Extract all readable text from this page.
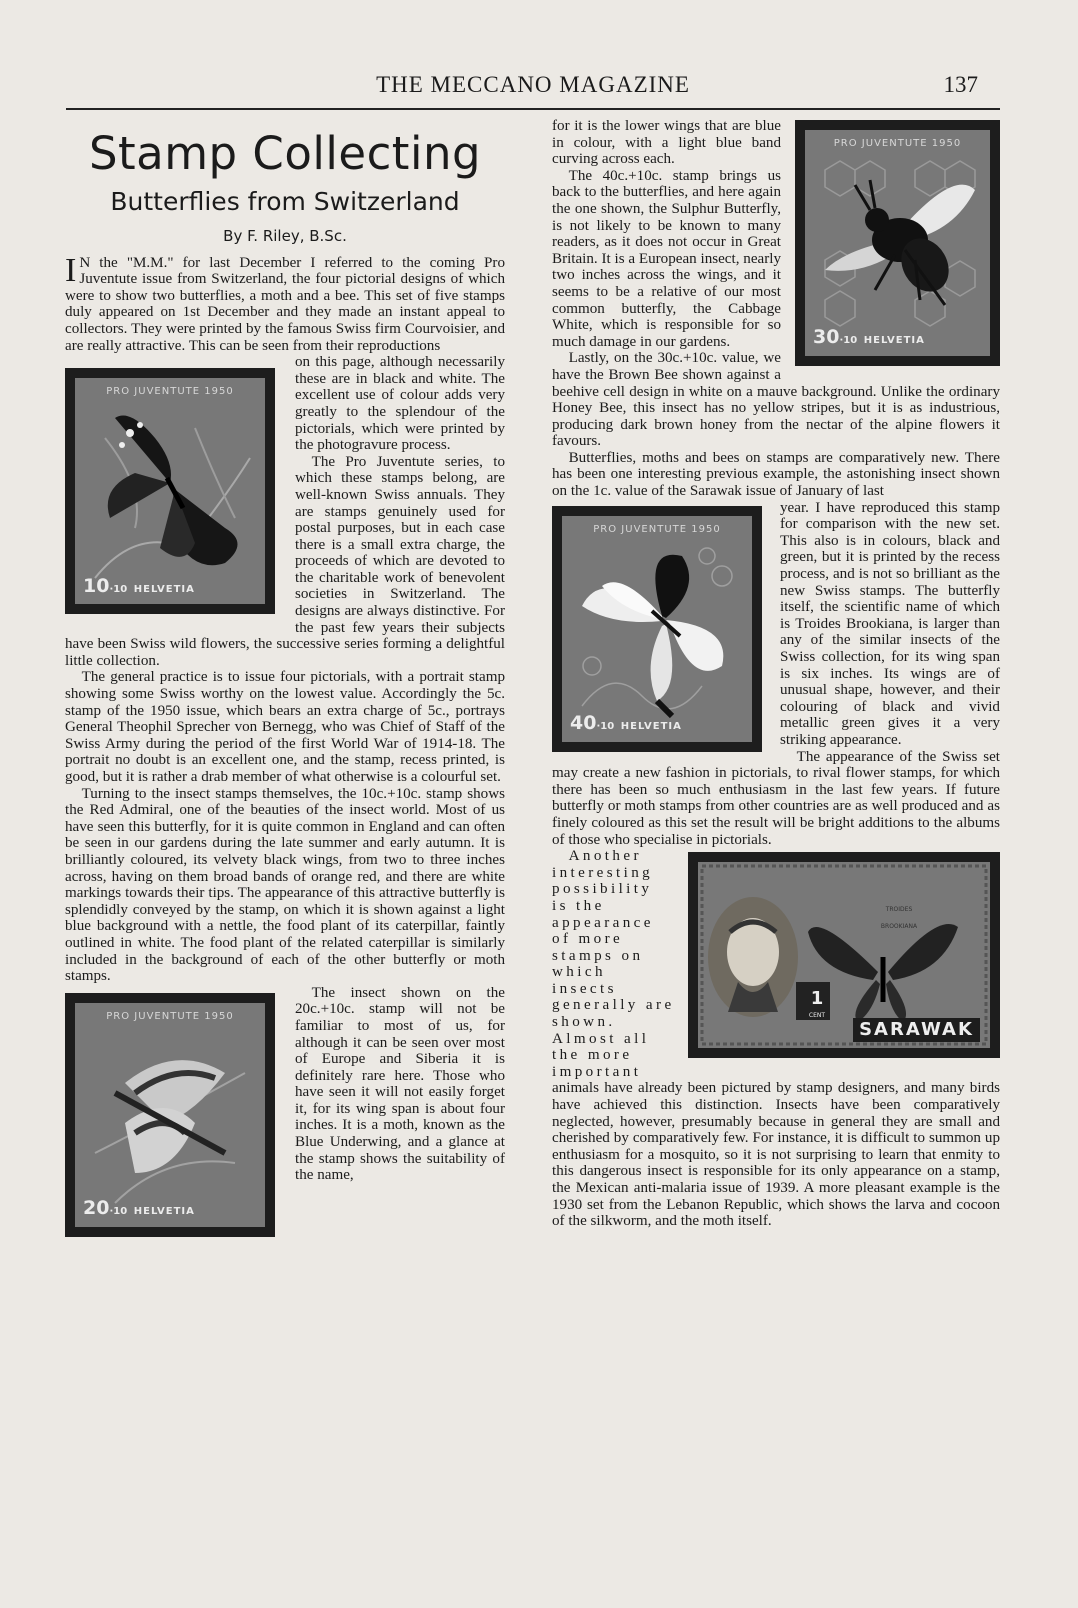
THE MECCANO MAGAZINE	137
Stamp Collecting
Butterflies from Switzerland
By F. Riley, B.Sc.

I N the "M.M." for last December I referred to the coming Pro Juventute issue from Switzerland, the four pictorial designs of which were to show two butterflies, a moth and a bee. This set of five stamps duly appeared on 1st December and they made an instant appeal to collectors. They were printed by the famous Swiss firm Courvoisier, and are really attractive. This can be seen from their reproductions

PRO JUVENTUTE 1950
10·10 HELVETIA

on this page, although necessarily these are in black and white. The excellent use of colour adds very greatly to the splendour of the pictorials, which were printed by the photogravure process.

The Pro Juventute series, to which these stamps belong, are well-known Swiss annuals. They are stamps genuinely used for postal purposes, but in each case there is a small extra charge, the proceeds of which are devoted to the charitable work of benevolent societies in Switzerland. The designs are always distinctive. For the past few years their subjects have been Swiss wild flowers, the successive series forming a delightful little collection.

The general practice is to issue four pictorials, with a portrait stamp showing some Swiss worthy on the lowest value. Accordingly the 5c. stamp of the 1950 issue, which bears an extra charge of 5c., portrays General Theophil Sprecher von Bernegg, who was Chief of Staff of the Swiss Army during the period of the first World War of 1914-18. The portrait no doubt is an excellent one, and the stamp, recess printed, is good, but it is rather a drab member of what otherwise is a colourful set.

Turning to the insect stamps themselves, the 10c.+10c. stamp shows the Red Admiral, one of the beauties of the insect world. Most of us have seen this butterfly, for it is quite common in England and can often be seen in our gardens during the late summer and early autumn. It is brilliantly coloured, its velvety black wings, from two to three inches across, having on them broad bands of orange red, and there are white markings towards their tips. The appearance of this attractive butterfly is splendidly conveyed by the stamp, on which it is shown against a light blue background with a nettle, the food plant of its caterpillar, faintly outlined in white. The food plant of the related caterpillar is similarly included in the background of each of the other butterfly or moth stamps.

PRO JUVENTUTE 1950
20·10 HELVETIA

The insect shown on the 20c.+10c. stamp will not be familiar to most of us, for although it can be seen over most of Europe and Siberia it is definitely rare here. Those who have seen it will not easily forget it, for its wing span is about four inches. It is a moth, known as the Blue Underwing, and a glance at the stamp shows the suitability of the name,

PRO JUVENTUTE 1950
30·10 HELVETIA

for it is the lower wings that are blue in colour, with a light blue band curving across each.

The 40c.+10c. stamp brings us back to the butterflies, and here again the one shown, the Sulphur Butterfly, is not likely to be known to many readers, as it does not occur in Great Britain. It is a European insect, nearly two inches across the wings, and it seems to be a relative of our most common butterfly, the Cabbage White, which is responsible for so much damage in our gardens.

Lastly, on the 30c.+10c. value, we have the Brown Bee shown against a beehive cell design in white on a mauve background. Unlike the ordinary Honey Bee, this insect has no yellow stripes, but it is as industrious, producing dark brown honey from the nectar of the alpine flowers it favours.

Butterflies, moths and bees on stamps are comparatively new. There has been one interesting previous example, the astonishing insect shown on the 1c. value of the Sarawak issue of January of last

PRO JUVENTUTE 1950
40·10 HELVETIA

year. I have reproduced this stamp for comparison with the new set. This also is in colours, black and green, but it is printed by the recess process, and is not so brilliant as the new Swiss stamps. The butterfly itself, the scientific name of which is Troides Brookiana, is larger than any of the similar insects of the Swiss collection, for its wing span is six inches. Its wings are of unusual shape, however, and their colouring of black and vivid metallic green gives it a very striking appearance.

The appearance of the Swiss set may create a new fashion in pictorials, to rival flower stamps, for which there has been so much enthusiasm in the last few years. If future butterfly or moth stamps from other countries are as well produced and as finely coloured as this set the result will be bright additions to the albums of those who specialise in pictorials.

TROIDES BROOKIANA
1
CENT
SARAWAK

Another interesting possibility is the appearance of more stamps on which insects generally are shown. Almost all the more important

animals have already been pictured by stamp designers, and many birds have achieved this distinction. Insects have been comparatively neglected, however, presumably because in general they are small and cherished by comparatively few. For instance, it is difficult to summon up enthusiasm for a mosquito, so it is not surprising to learn that enmity to this dangerous insect is responsible for its only appearance on a stamp, the Mexican anti-malaria issue of 1939. A more pleasant example is the 1930 set from the Lebanon Republic, which shows the larva and cocoon of the silkworm, and the moth itself.
